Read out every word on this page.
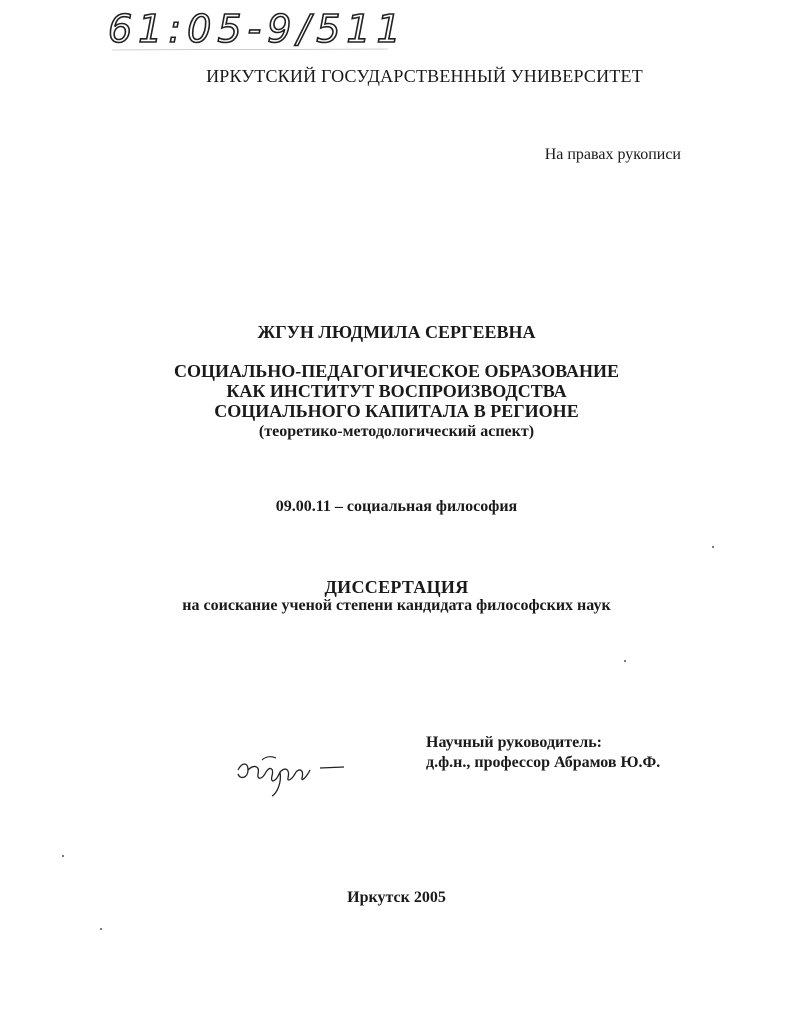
61:05-9/511
ИРКУТСКИЙ ГОСУДАРСТВЕННЫЙ УНИВЕРСИТЕТ
На правах рукописи
ЖГУН ЛЮДМИЛА СЕРГЕЕВНА
СОЦИАЛЬНО-ПЕДАГОГИЧЕСКОЕ ОБРАЗОВАНИЕ
КАК ИНСТИТУТ ВОСПРОИЗВОДСТВА
СОЦИАЛЬНОГО КАПИТАЛА В РЕГИОНЕ
(теоретико-методологический аспект)
09.00.11 – социальная философия
ДИССЕРТАЦИЯ
на соискание ученой степени кандидата философских наук
Научный руководитель:
д.ф.н., профессор Абрамов Ю.Ф.
Иркутск 2005
